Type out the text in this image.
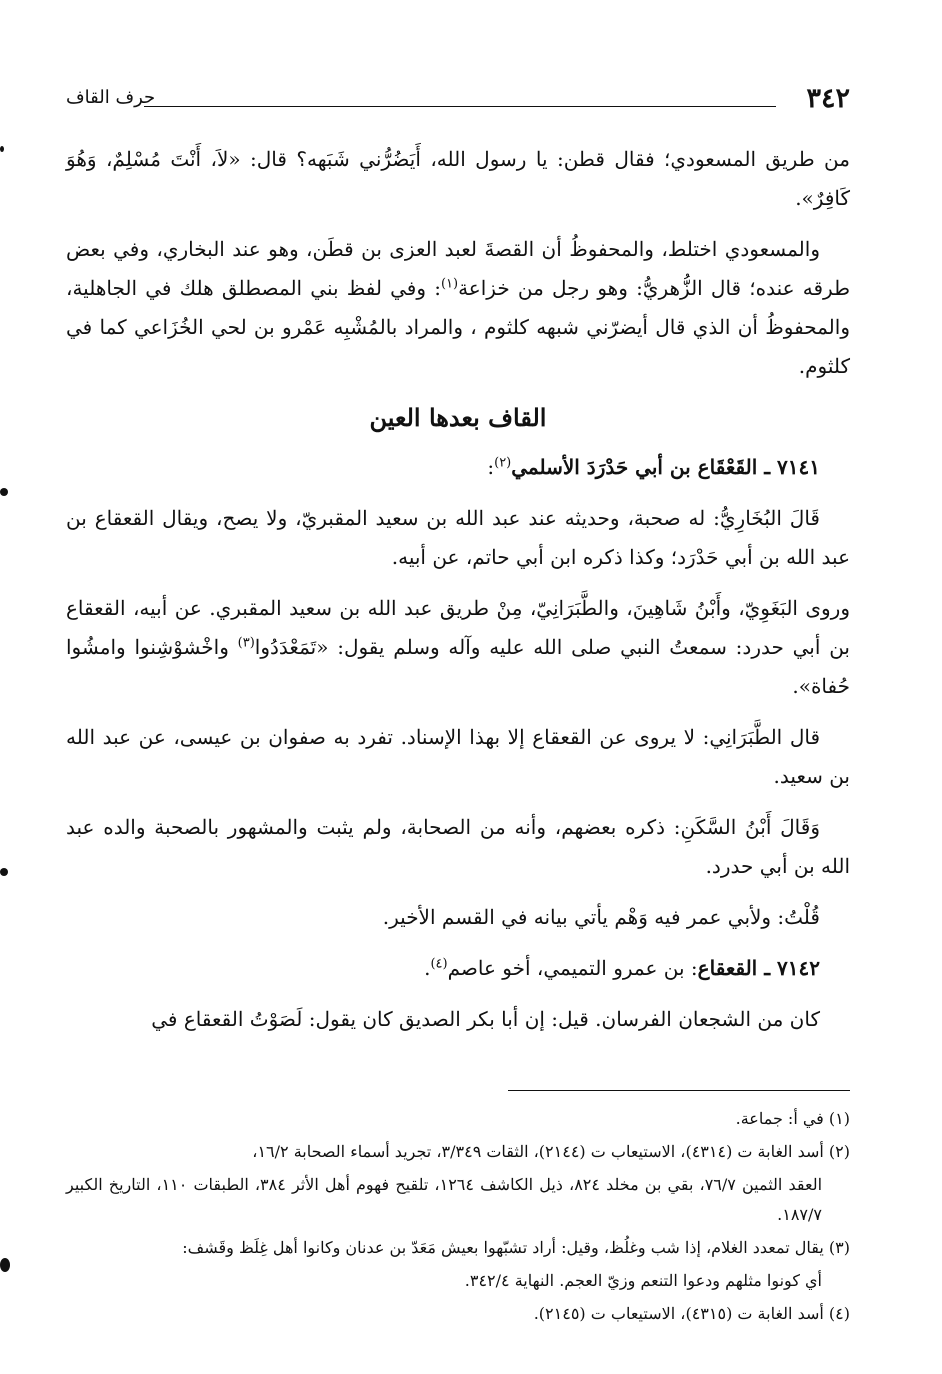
٣٤٢
حرف القاف

من طريق المسعودي؛ فقال قطن: يا رسول الله، أَيَضُرُّني شَبَهه؟ قال: «لاَ، أَنْتَ مُسْلِمٌ، وَهُوَ كَافِرٌ».

والمسعودي اختلط، والمحفوظُ أن القصةَ لعبد العزى بن قطَن، وهو عند البخاري، وفي بعض طرقه عنده؛ قال الزُّهريُّ: وهو رجل من خزاعة$^{(١)}$: وفي لفظ بني المصطلق هلك في الجاهلية، والمحفوظُ أن الذي قال أيضرّني شبهه كلثوم ، والمراد بالمُشْبِه عَمْرو بن لحي الخُزَاعي كما في كلثوم.

القاف بعدها العين

٧١٤١ ـ القَعْقَاع بن أبي حَدْرَدَ الأسلمي$^{(٢)}$:

قَالَ البُخَارِيُّ: له صحبة، وحديثه عند عبد الله بن سعيد المقبريّ، ولا يصح، ويقال القعقاع بن عبد الله بن أبي حَدْرَد؛ وكذا ذكره ابن أبي حاتم، عن أبيه.

وروى البَغَوِيّ، وأَبْنُ شَاهِينَ، والطَّبَرَانِيّ، مِنْ طريق عبد الله بن سعيد المقبري. عن أبيه، القعقاع بن أبي حدرد: سمعتُ النبي صلى الله عليه وآله وسلم يقول: «تَمَعْدَدُوا$^{(٣)}$ واخْشوْشِنوا وامشُوا حُفاة».

قال الطَّبَرَانِي: لا يروى عن القعقاع إلا بهذا الإسناد. تفرد به صفوان بن عيسى، عن عبد الله بن سعيد.

وَقَالَ أَبْنُ السَّكَنِ: ذكره بعضهم، وأنه من الصحابة، ولم يثبت والمشهور بالصحبة والده عبد الله بن أبي حدرد.

قُلْتُ: ولأبي عمر فيه وَهْم يأتي بيانه في القسم الأخير.

٧١٤٢ ـ القعقاع: بن عمرو التميمي، أخو عاصم$^{(٤)}$.

كان من الشجعان الفرسان. قيل: إن أبا بكر الصديق كان يقول: لَصَوْتُ القعقاع في

(١) في أ: جماعة.

(٢) أسد الغابة ت (٤٣١٤)، الاستيعاب ت (٢١٤٤)، الثقات ٣/٣٤٩، تجريد أسماء الصحابة ١٦/٢،

العقد الثمين ٧٦/٧، بقي بن مخلد ٨٢٤، ذيل الكاشف ١٢٦٤، تلقيح فهوم أهل الأثر ٣٨٤، الطبقات ١١٠، التاريخ الكبير ١٨٧/٧.

(٣) يقال تمعدد الغلام، إذا شب وغلُظ، وقيل: أراد تشبّهوا بعيش مَعَدّ بن عدنان وكانوا أهل غِلَظ وقَشف:

أي كونوا مثلهم ودعوا التنعم وزيّ العجم. النهاية ٣٤٢/٤.

(٤) أسد الغابة ت (٤٣١٥)، الاستيعاب ت (٢١٤٥).
